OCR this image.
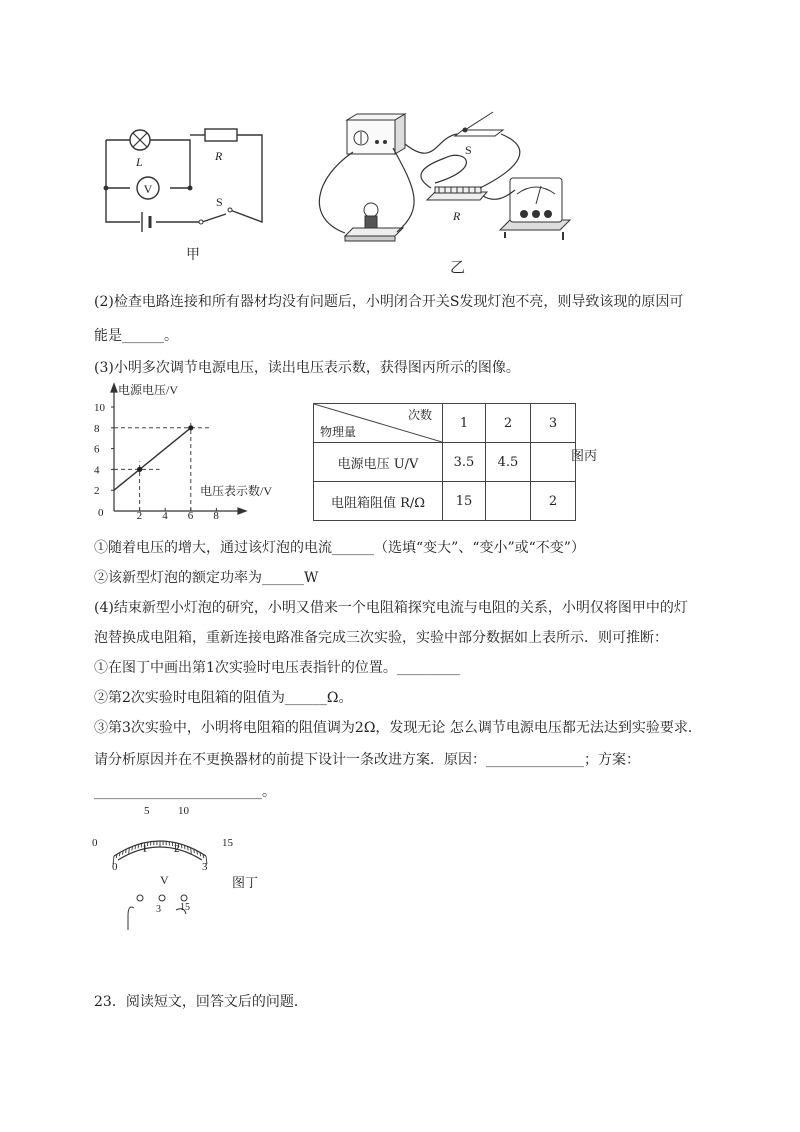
V
L	R
S
甲
S
R
乙
(2)检查电路连接和所有器材均没有问题后，小明闭合开关S发现灯泡不亮，则导致该现的原因可
能是______。
(3)小明多次调节电源电压，读出电压表示数，获得图丙所示的图像。
2
4
6
8
10
2 4 6 8
电源电压/V
电压表示数/V
0
次数
物理量	1	2	3
电源电压 U/V	3.5	4.5	
电阻箱阻值 R/Ω	15		2
图丙
①随着电压的增大，通过该灯泡的电流______（选填“变大”、“变小”或“不变”）
②该新型灯泡的额定功率为______W
(4)结束新型小灯泡的研究，小明又借来一个电阻箱探究电流与电阻的关系，小明仅将图甲中的灯
泡替换成电阻箱，重新连接电路准备完成三次实验，实验中部分数据如上表所示．则可推断：
①在图丁中画出第1次实验时电压表指针的位置。_________
②第2次实验时电阻箱的阻值为______Ω。
③第3次实验中，小明将电阻箱的阻值调为2Ω，发现无论 怎么调节电源电压都无法达到实验要求．
请分析原因并在不更换器材的前提下设计一条改进方案．原因：______________；方案：
________________________。
5	10
0	15
0
1 2
3
V
3 15
图丁
23．阅读短文，回答文后的问题．
